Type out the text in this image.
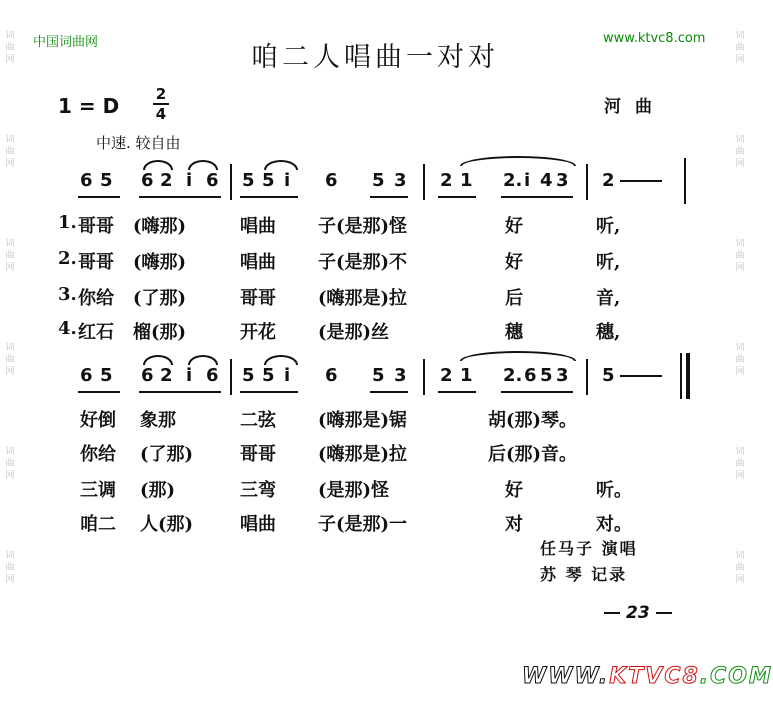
词
曲
网
词
曲
网
词
曲
网
词
曲
网
词
曲
网
词
曲
网
词
曲
网
词
曲
网
词
曲
网
词
曲
网
词
曲
网
词
曲
网
中国词曲网	www.ktvc8.com
咱二人唱曲一对对
1 = D 2
4	河曲
中速. 较自由
6 5 6 2 i 6 5 5 i 6 5 3 2 1 2. i 4 3 2
1. 哥哥 (嗨那)	唱曲 子(是那)怪	好	听,
2. 哥哥 (嗨那)	唱曲 子(是那)不	好	听,
3. 你给 (了那)	哥哥 (嗨那是)拉	后	音,
4. 红石 榴(那)	开花 (是那)丝	穗	穗,
6 5 6 2 i 6 5 5 i 6 5 3 2 1 2. 6 5 3 5
好倒 象那	二弦 (嗨那是)锯	胡(那)琴。
你给 (了那)	哥哥 (嗨那是)拉	后(那)音。
三调 (那)	三弯 (是那)怪	好	听。
咱二 人(那)	唱曲 子(是那)一	对	对。
任马子 演唱
苏 琴 记录
23
WWW.KTVC8.COM
